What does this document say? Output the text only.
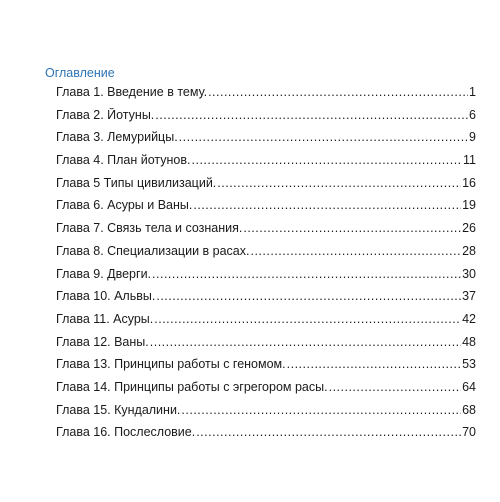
Оглавление
Глава 1. Введение в тему. .....	1
Глава 2. Йотуны. .....	6
Глава 3. Лемурийцы. .....	9
Глава 4. План йотунов. .....	11
Глава 5 Типы цивилизаций. .....	16
Глава 6. Асуры и Ваны. .....	19
Глава 7. Связь тела и сознания. .....	26
Глава 8. Специализации в расах. .....	28
Глава 9. Дверги. .....	30
Глава 10. Альвы. .....	37
Глава 11. Асуры. .....	42
Глава 12. Ваны. .....	48
Глава 13. Принципы работы с геномом. .....	53
Глава 14. Принципы работы с эгрегором расы. .....	64
Глава 15. Кундалини. .....	68
Глава 16. Послесловие. .....	70
